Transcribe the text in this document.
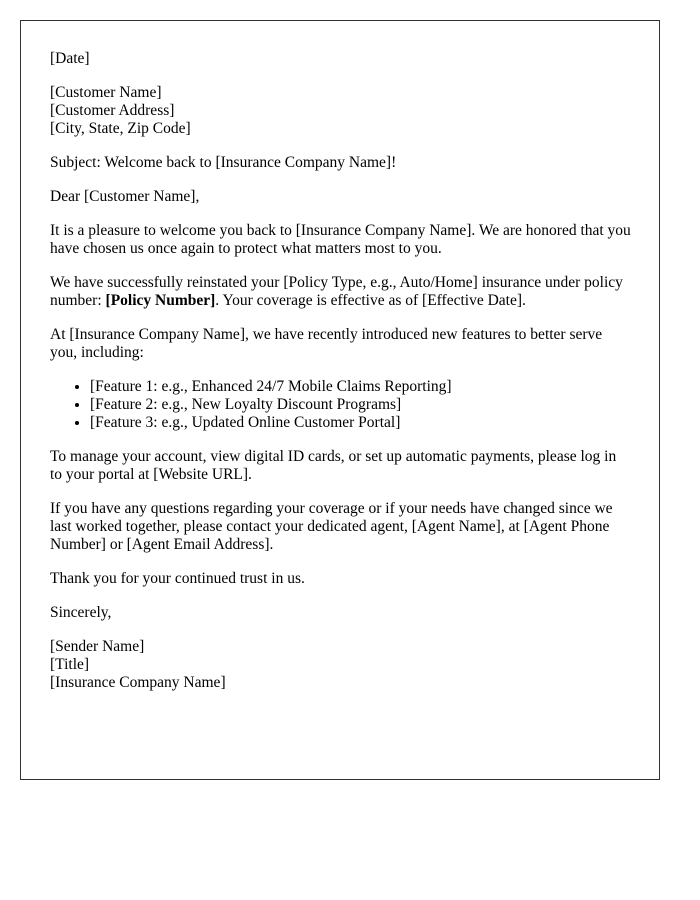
[Date]

[Customer Name]
[Customer Address]
[City, State, Zip Code]

Subject: Welcome back to [Insurance Company Name]!

Dear [Customer Name],

It is a pleasure to welcome you back to [Insurance Company Name]. We are honored that you have chosen us once again to protect what matters most to you.

We have successfully reinstated your [Policy Type, e.g., Auto/Home] insurance under policy number: [Policy Number]. Your coverage is effective as of [Effective Date].

At [Insurance Company Name], we have recently introduced new features to better serve you, including:

• [Feature 1: e.g., Enhanced 24/7 Mobile Claims Reporting]
• [Feature 2: e.g., New Loyalty Discount Programs]
• [Feature 3: e.g., Updated Online Customer Portal]

To manage your account, view digital ID cards, or set up automatic payments, please log in to your portal at [Website URL].

If you have any questions regarding your coverage or if your needs have changed since we last worked together, please contact your dedicated agent, [Agent Name], at [Agent Phone Number] or [Agent Email Address].

Thank you for your continued trust in us.

Sincerely,

[Sender Name]
[Title]
[Insurance Company Name]
